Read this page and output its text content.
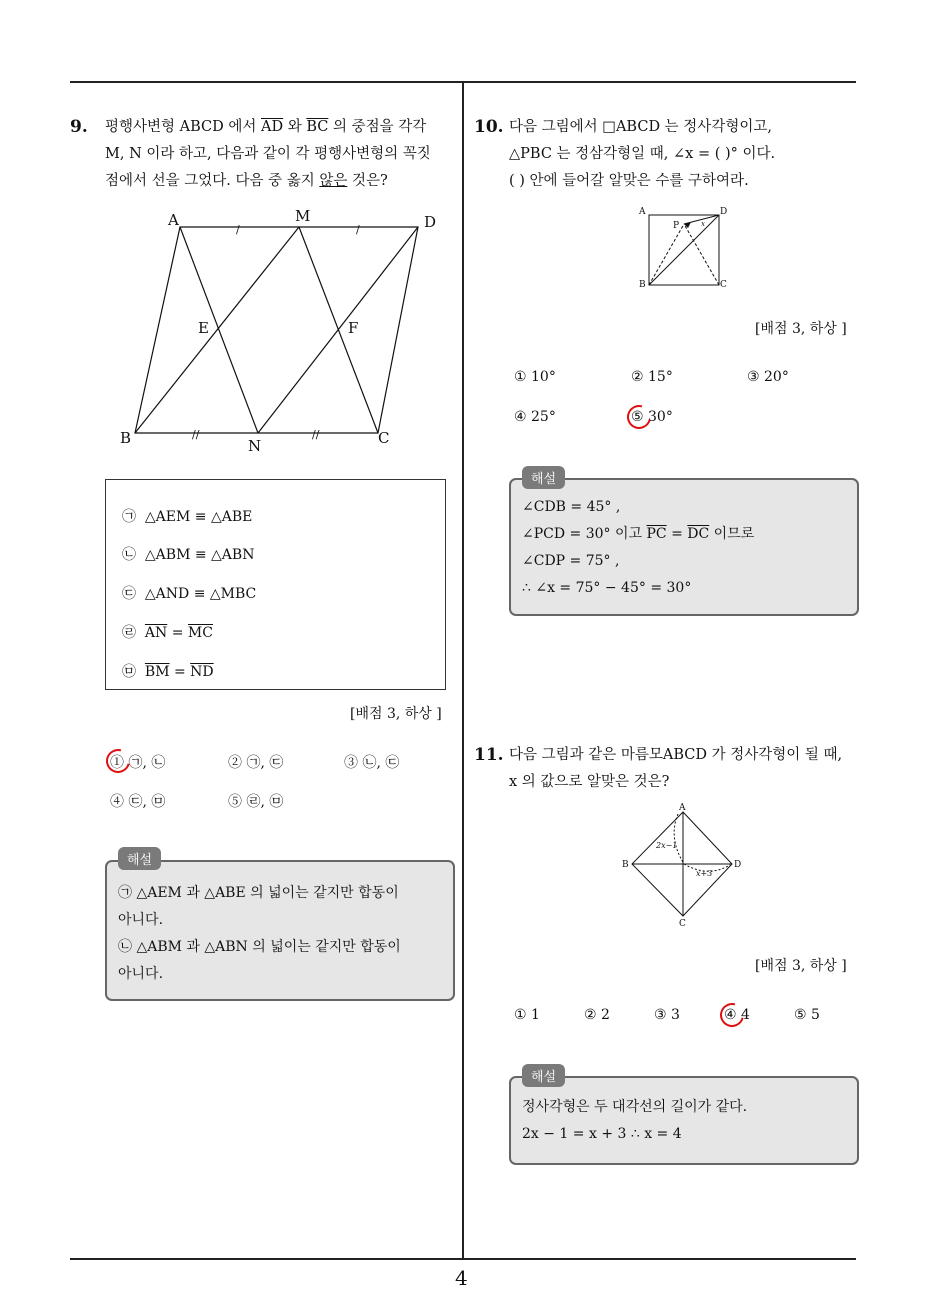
4
9. 평행사변형 ABCD 에서 $\overline{AD}$ 와 $\overline{BC}$ 의 중점을 각각
M, N 이라 하고, 다음과 같이 각 평행사변형의 꼭짓
점에서 선을 그었다. 다음 중 옳지 않은 것은?
A	M	D
E	F
B	N	C
/	/
//	//
㉠ △AEM ≡ △ABE
㉡ △ABM ≡ △ABN
㉢ △AND ≡ △MBC
㉣ $\overline{AN} = \overline{MC}$
㉤ $\overline{BM} = \overline{ND}$
[배점 3, 하상 ]
① ㉠, ㉡	② ㉠, ㉢	③ ㉡, ㉢
④ ㉢, ㉤	⑤ ㉣, ㉤
㉠ △AEM 과 △ABE 의 넓이는 같지만 합동이
아니다.
㉡ △ABM 과 △ABN 의 넓이는 같지만 합동이
아니다.
해설
10. 다음 그림에서 □ABCD 는 정사각형이고,
△PBC 는 정삼각형일 때, ∠x = ( )° 이다.
( ) 안에 들어갈 알맞은 수를 구하여라.
A	D
P	x
B	C
[배점 3, 하상 ]
① 10°	② 15°	③ 20°
④ 25°	⑤ 30°
∠CDB = 45° ,
∠PCD = 30° 이고 $\overline{PC} = \overline{DC}$ 이므로
∠CDP = 75° ,
∴ ∠x = 75° − 45° = 30°
해설
11. 다음 그림과 같은 마름모ABCD 가 정사각형이 될 때,
x 의 값으로 알맞은 것은?
A
B
C
D
2x−1
x+3
[배점 3, 하상 ]
① 1	② 2	③ 3	④ 4	⑤ 5
정사각형은 두 대각선의 길이가 같다.
2x − 1 = x + 3 ∴ x = 4
해설
